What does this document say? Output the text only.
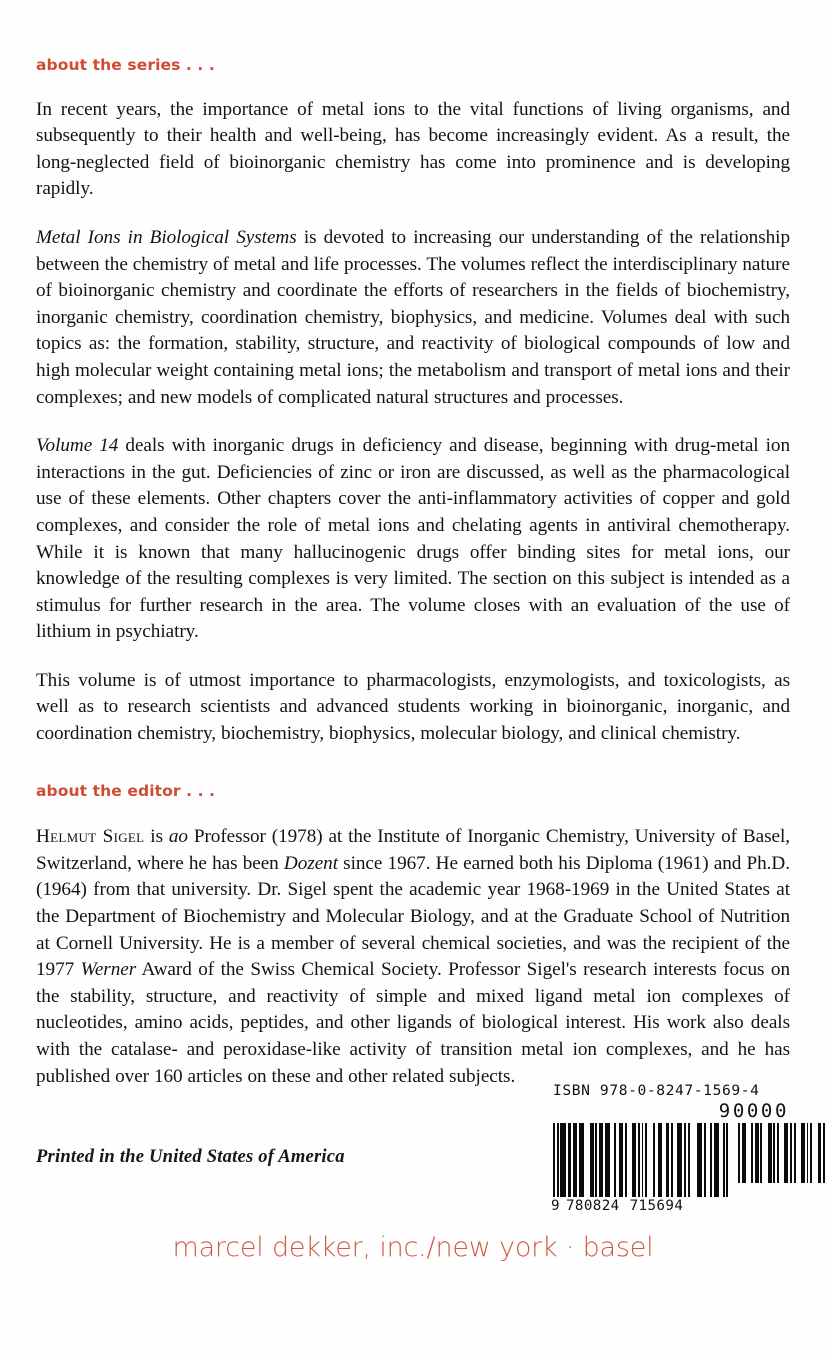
about the series . . .

In recent years, the importance of metal ions to the vital functions of living organisms, and subsequently to their health and well-being, has become increasingly evident. As a result, the long-neglected field of bioinorganic chemistry has come into prominence and is developing rapidly.

Metal Ions in Biological Systems is devoted to increasing our understanding of the relationship between the chemistry of metal and life processes. The volumes reflect the interdisciplinary nature of bioinorganic chemistry and coordinate the efforts of researchers in the fields of biochemistry, inorganic chemistry, coordination chemistry, biophysics, and medicine. Volumes deal with such topics as: the formation, stability, structure, and reactivity of biological compounds of low and high molecular weight containing metal ions; the metabolism and transport of metal ions and their complexes; and new models of complicated natural structures and processes.

Volume 14 deals with inorganic drugs in deficiency and disease, beginning with drug-metal ion interactions in the gut. Deficiencies of zinc or iron are discussed, as well as the pharmacological use of these elements. Other chapters cover the anti-inflammatory activities of copper and gold complexes, and consider the role of metal ions and chelating agents in antiviral chemotherapy. While it is known that many hallucinogenic drugs offer binding sites for metal ions, our knowledge of the resulting complexes is very limited. The section on this subject is intended as a stimulus for further research in the area. The volume closes with an evaluation of the use of lithium in psychiatry.

This volume is of utmost importance to pharmacologists, enzymologists, and toxicologists, as well as to research scientists and advanced students working in bioinorganic, inorganic, and coordination chemistry, biochemistry, biophysics, molecular biology, and clinical chemistry.

about the editor . . .

Helmut Sigel is ao Professor (1978) at the Institute of Inorganic Chemistry, University of Basel, Switzerland, where he has been Dozent since 1967. He earned both his Diploma (1961) and Ph.D. (1964) from that university. Dr. Sigel spent the academic year 1968-1969 in the United States at the Department of Biochemistry and Molecular Biology, and at the Graduate School of Nutrition at Cornell University. He is a member of several chemical societies, and was the recipient of the 1977 Werner Award of the Swiss Chemical Society. Professor Sigel's research interests focus on the stability, structure, and reactivity of simple and mixed ligand metal ion complexes of nucleotides, amino acids, peptides, and other ligands of biological interest. His work also deals with the catalase- and peroxidase-like activity of transition metal ion complexes, and he has published over 160 articles on these and other related subjects.

Printed in the United States of America
ISBN 978-0-8247-1569-4
90000
9 780824 715694
marcel dekker, inc./new york · basel
